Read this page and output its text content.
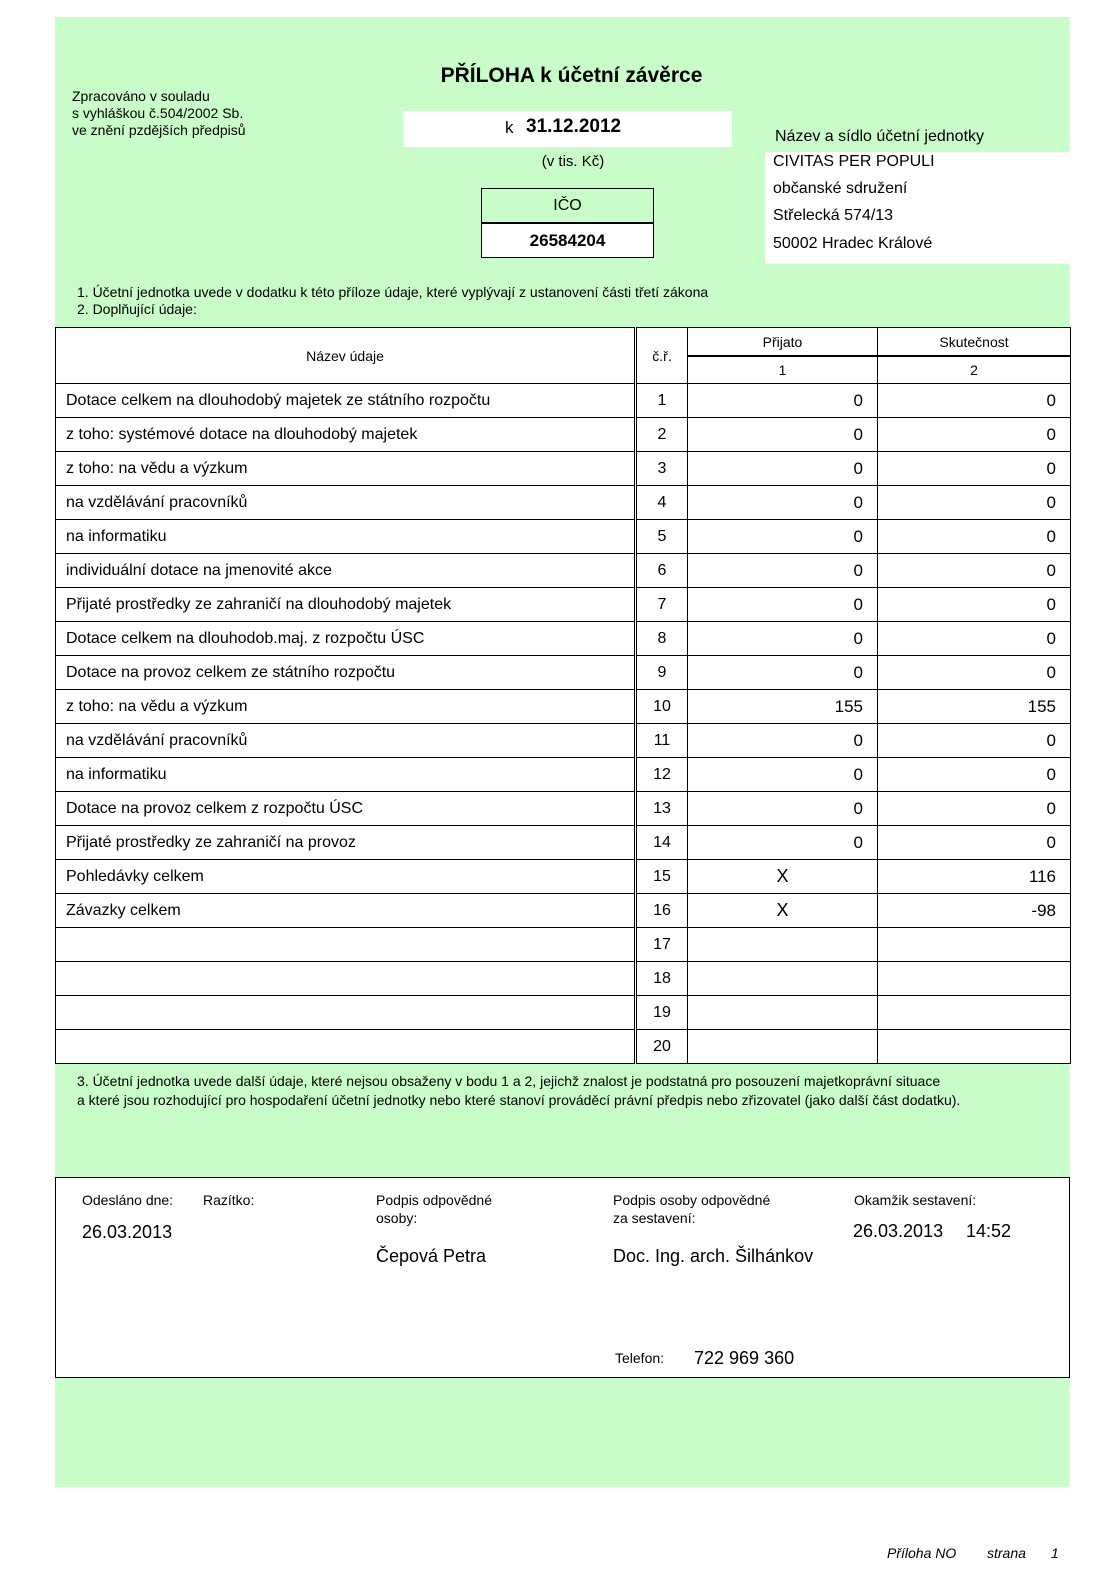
Zpracováno v souladu
s vyhláškou č.504/2002 Sb.
ve znění pzdějších předpisů
PŘÍLOHA k účetní závěrce
k 31.12.2012
(v tis. Kč)
IČO
26584204
Název a sídlo účetní jednotky
CIVITAS PER POPULI
občanské sdružení
Střelecká 574/13
50002 Hradec Králové
1. Účetní jednotka uvede v dodatku k této příloze údaje, které vyplývají z ustanovení části třetí zákona
2. Doplňující údaje:
Název údaje	č.ř.	Přijato	Skutečnost
		1	2
Dotace celkem na dlouhodobý majetek ze státního rozpočtu	1	0	0
z toho: systémové dotace na dlouhodobý majetek	2	0	0
z toho: na vědu a výzkum	3	0	0
na vzdělávání pracovníků	4	0	0
na informatiku	5	0	0
individuální dotace na jmenovité akce	6	0	0
Přijaté prostředky ze zahraničí na dlouhodobý majetek	7	0	0
Dotace celkem na dlouhodob.maj. z rozpočtu ÚSC	8	0	0
Dotace na provoz celkem ze státního rozpočtu	9	0	0
z toho: na vědu a výzkum	10	155	155
na vzdělávání pracovníků	11	0	0
na informatiku	12	0	0
Dotace na provoz celkem z rozpočtu ÚSC	13	0	0
Přijaté prostředky ze zahraničí na provoz	14	0	0
Pohledávky celkem	15	X	116
Závazky celkem	16	X	-98
	17		
	18		
	19		
	20		
3. Účetní jednotka uvede další údaje, které nejsou obsaženy v bodu 1 a 2, jejichž znalost je podstatná pro posouzení majetkoprávní situace
a které jsou rozhodující pro hospodaření účetní jednotky nebo které stanoví prováděcí právní předpis nebo zřizovatel (jako další část dodatku).
Odesláno dne: Razítko:
26.03.2013
Podpis odpovědné
osoby:
Čepová Petra
Podpis osoby odpovědné
za sestavení:
Doc. Ing. arch. Šilhánkov
Okamžik sestavení:
26.03.2013 14:52
Telefon: 722 969 360
Příloha NO strana 1
